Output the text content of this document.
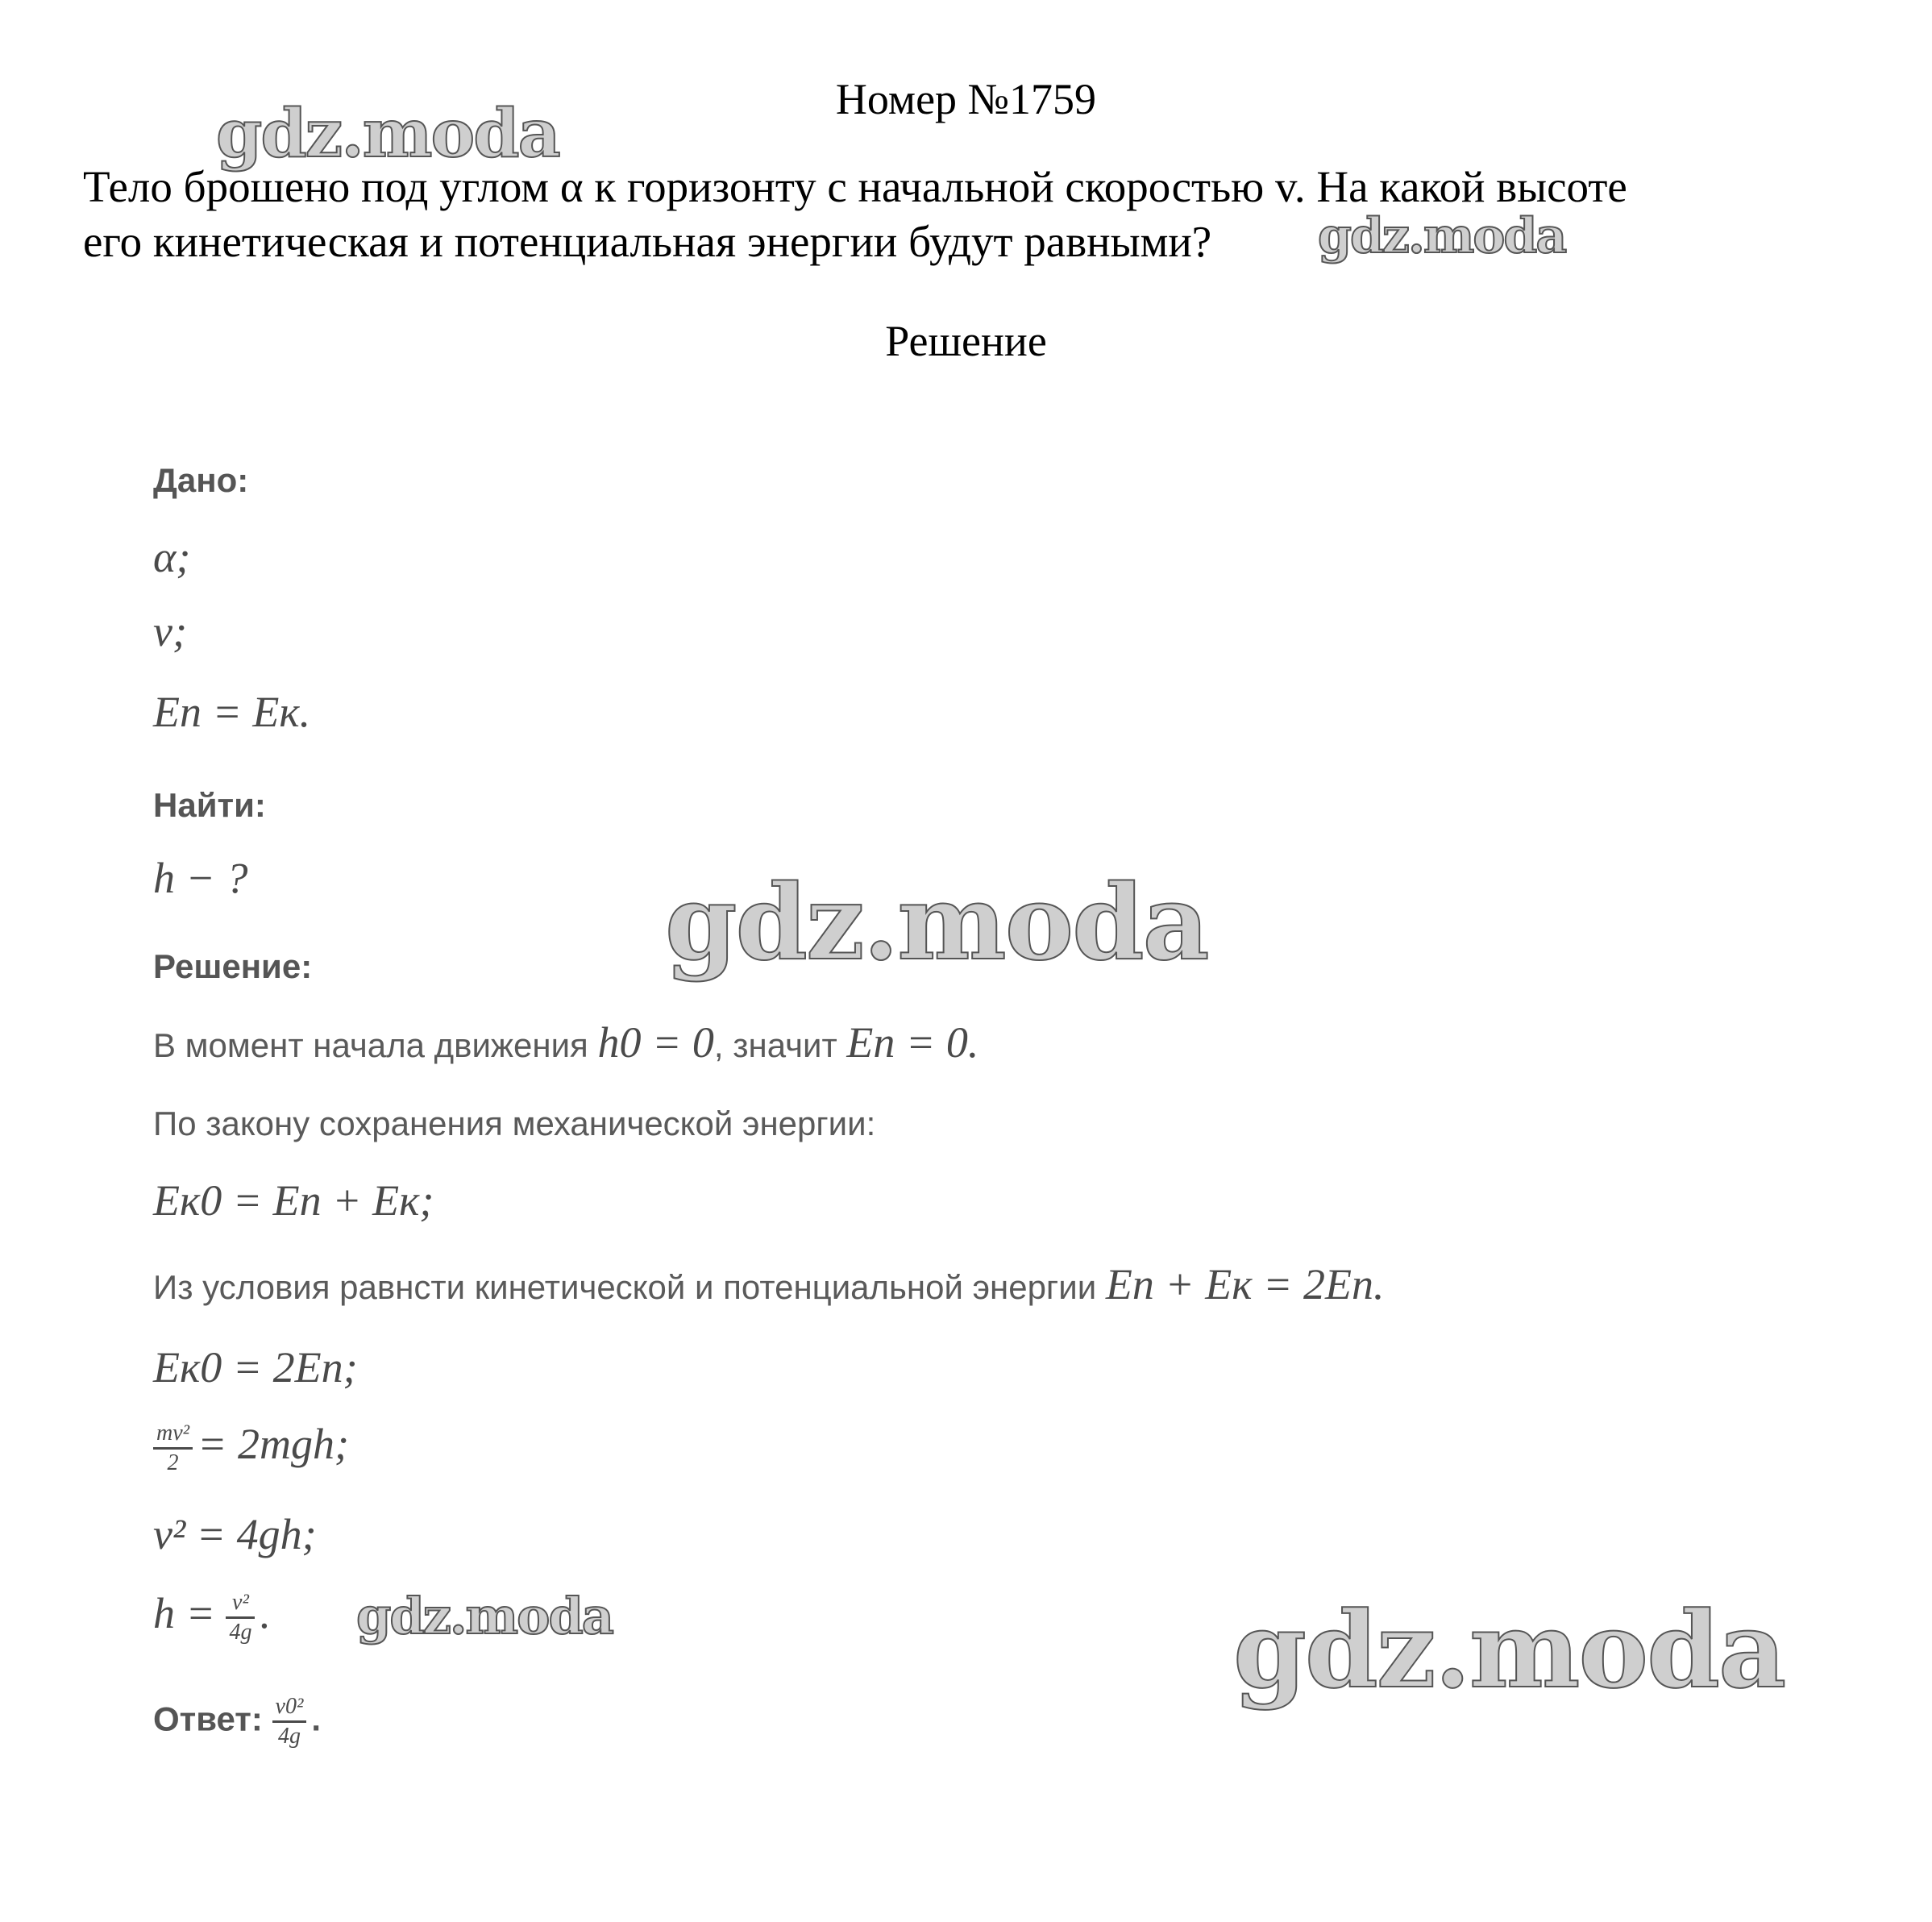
Номер №1759
Тело брошено под углом α к горизонту с начальной скоростью v. На какой высоте
его кинетическая и потенциальная энергии будут равными?
Решение
Дано:
α;
v;
Eп = Eк.
Найти:
h − ?
Решение:
В момент начала движения h0 = 0, значит Eп = 0.
По закону сохранения механической энергии:
Eк0 = Eп + Eк;
Из условия равнсти кинетической и потенциальной энергии Eп + Eк = 2Eп.
Eк0 = 2Eп;
$\frac{\text{mv²}}{2} = 2mgh$;
v² = 4gh;
$h = \frac{\text{v²}}{4g}$ .
Ответ: $\frac{\text{v0²}}{4g}$ .
gdz.moda
gdz.moda
gdz.moda
gdz.moda	gdz.moda
